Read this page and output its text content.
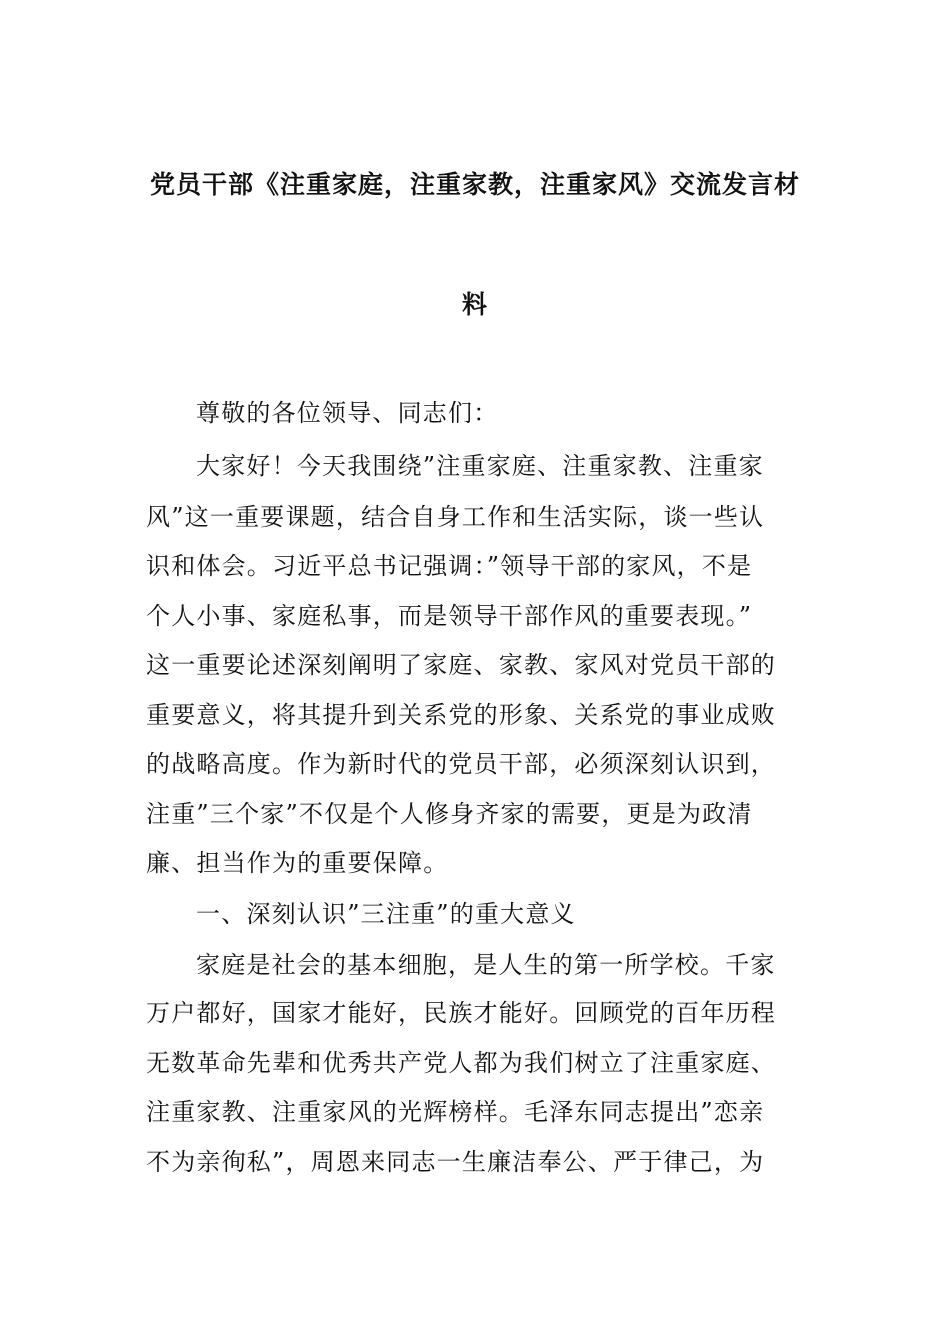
党员干部《注重家庭，注重家教，注重家风》交流发言材
料
尊敬的各位领导、同志们：
大家好！今天我围绕”注重家庭、注重家教、注重家
风”这一重要课题，结合自身工作和生活实际，谈一些认
识和体会。习近平总书记强调：”领导干部的家风，不是
个人小事、家庭私事，而是领导干部作风的重要表现。”
这一重要论述深刻阐明了家庭、家教、家风对党员干部的
重要意义，将其提升到关系党的形象、关系党的事业成败
的战略高度。作为新时代的党员干部，必须深刻认识到，
注重”三个家”不仅是个人修身齐家的需要，更是为政清
廉、担当作为的重要保障。
一、深刻认识”三注重”的重大意义
家庭是社会的基本细胞，是人生的第一所学校。千家
万户都好，国家才能好，民族才能好。回顾党的百年历程
无数革命先辈和优秀共产党人都为我们树立了注重家庭、
注重家教、注重家风的光辉榜样。毛泽东同志提出”恋亲
不为亲徇私”，周恩来同志一生廉洁奉公、严于律己，为
